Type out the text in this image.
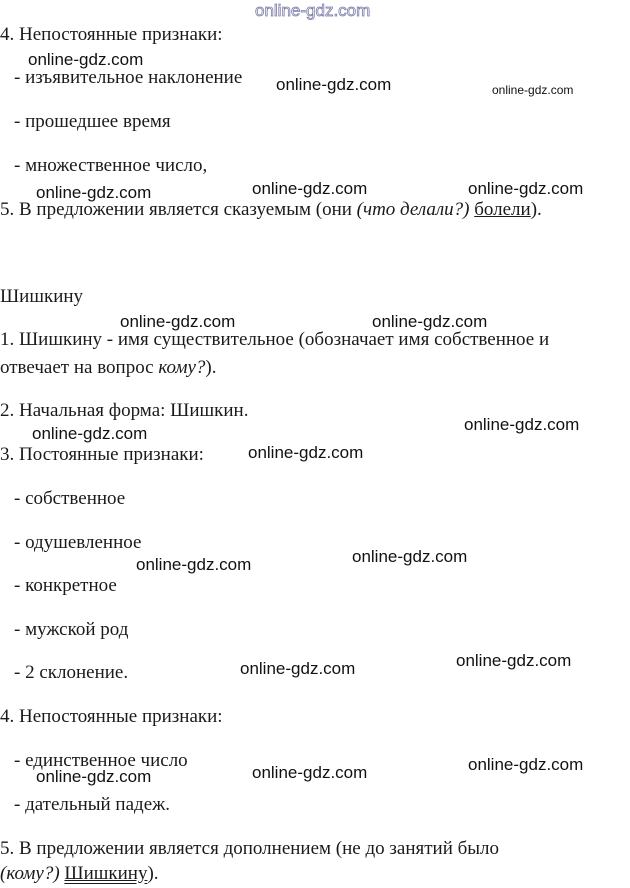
4. Непостоянные признаки:
- изъявительное наклонение
- прошедшее время
- множественное число,
5. В предложении является сказуемым (они (что делали?) болели).
Шишкину
1. Шишкину - имя существительное (обозначает имя собственное и
отвечает на вопрос кому?).
2. Начальная форма: Шишкин.
3. Постоянные признаки:
- собственное
- одушевленное
- конкретное
- мужской род
- 2 склонение.
4. Непостоянные признаки:
- единственное число
- дательный падеж.
5. В предложении является дополнением (не до занятий было
(кому?) Шишкину).
online-gdz.com
online-gdz.com
online-gdz.com	online-gdz.com
online-gdz.com	online-gdz.com	online-gdz.com
online-gdz.com	online-gdz.com
online-gdz.com	online-gdz.com
online-gdz.com
online-gdz.com
online-gdz.com
online-gdz.com
online-gdz.com
online-gdz.com	online-gdz.com	online-gdz.com
